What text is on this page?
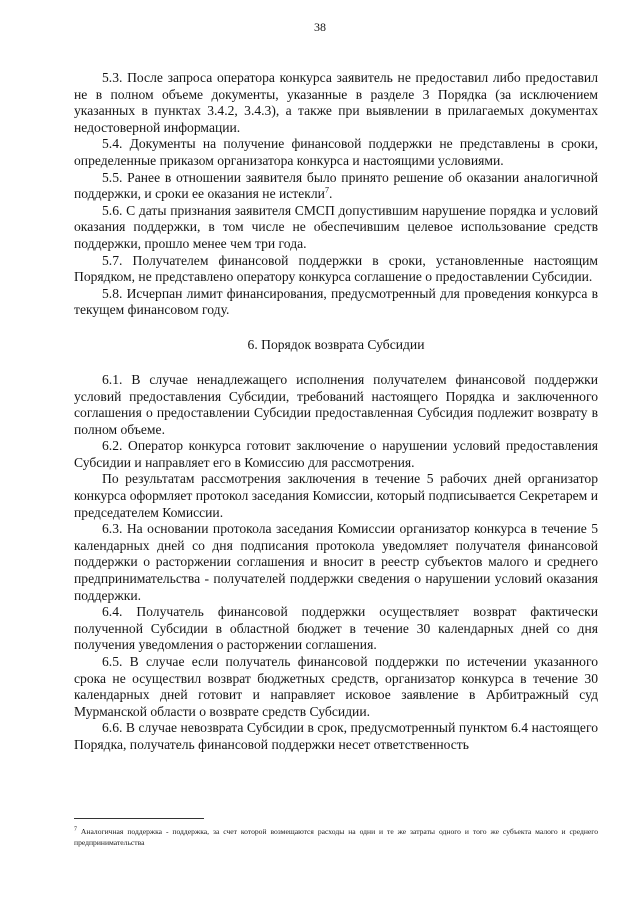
38

5.3. После запроса оператора конкурса заявитель не предоставил либо предоставил не в полном объеме документы, указанные в разделе 3 Порядка (за исключением указанных в пунктах 3.4.2, 3.4.3), а также при выявлении в прилагаемых документах недостоверной информации.

5.4. Документы на получение финансовой поддержки не представлены в сроки, определенные приказом организатора конкурса и настоящими условиями.

5.5. Ранее в отношении заявителя было принято решение об оказании аналогичной поддержки, и сроки ее оказания не истекли$^7$.

5.6. С даты признания заявителя СМСП допустившим нарушение порядка и условий оказания поддержки, в том числе не обеспечившим целевое использование средств поддержки, прошло менее чем три года.

5.7. Получателем финансовой поддержки в сроки, установленные настоящим Порядком, не представлено оператору конкурса соглашение о предоставлении Субсидии.

5.8. Исчерпан лимит финансирования, предусмотренный для проведения конкурса в текущем финансовом году.

6. Порядок возврата Субсидии

6.1. В случае ненадлежащего исполнения получателем финансовой поддержки условий предоставления Субсидии, требований настоящего Порядка и заключенного соглашения о предоставлении Субсидии предоставленная Субсидия подлежит возврату в полном объеме.

6.2. Оператор конкурса готовит заключение о нарушении условий предоставления Субсидии и направляет его в Комиссию для рассмотрения.

По результатам рассмотрения заключения в течение 5 рабочих дней организатор конкурса оформляет протокол заседания Комиссии, который подписывается Секретарем и председателем Комиссии.

6.3. На основании протокола заседания Комиссии организатор конкурса в течение 5 календарных дней со дня подписания протокола уведомляет получателя финансовой поддержки о расторжении соглашения и вносит в реестр субъектов малого и среднего предпринимательства - получателей поддержки сведения о нарушении условий оказания поддержки.

6.4. Получатель финансовой поддержки осуществляет возврат фактически полученной Субсидии в областной бюджет в течение 30 календарных дней со дня получения уведомления о расторжении соглашения.

6.5. В случае если получатель финансовой поддержки по истечении указанного срока не осуществил возврат бюджетных средств, организатор конкурса в течение 30 календарных дней готовит и направляет исковое заявление в Арбитражный суд Мурманской области о возврате средств Субсидии.

6.6. В случае невозврата Субсидии в срок, предусмотренный пунктом 6.4 настоящего Порядка, получатель финансовой поддержки несет ответственность

$^7$ Аналогичная поддержка - поддержка, за счет которой возмещаются расходы на одни и те же затраты одного и того же субъекта малого и среднего предпринимательства
